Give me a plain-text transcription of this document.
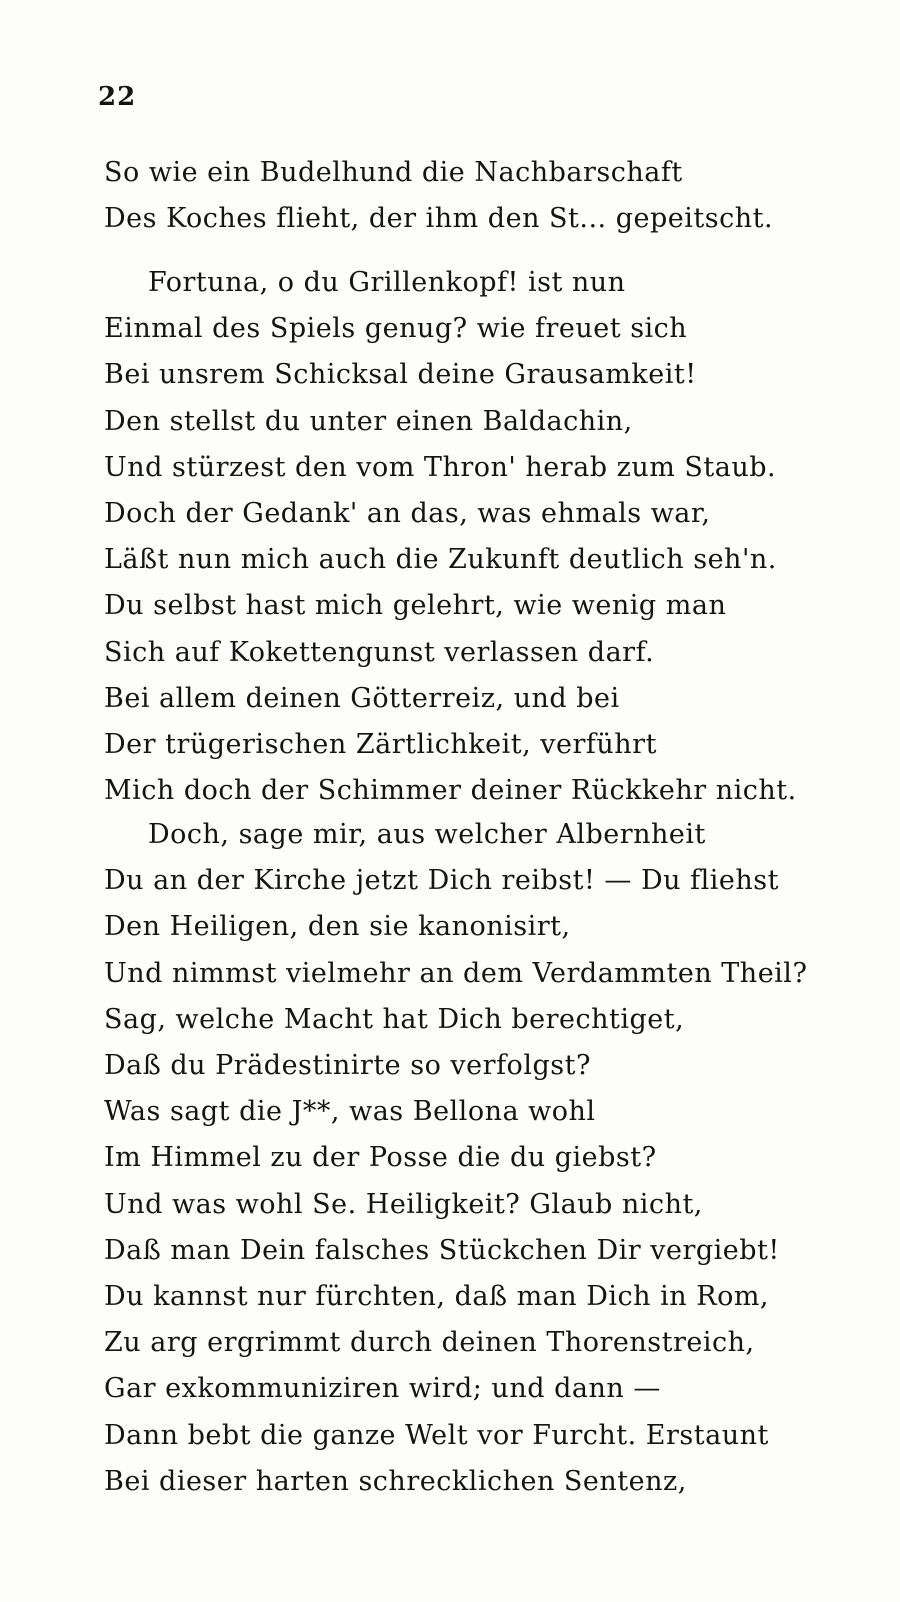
22
So wie ein Budelhund die Nachbarschaft
Des Koches flieht, der ihm den St... gepeitscht.
Fortuna, o du Grillenkopf! ist nun
Einmal des Spiels genug? wie freuet sich
Bei unsrem Schicksal deine Grausamkeit!
Den stellst du unter einen Baldachin,
Und stürzest den vom Thron' herab zum Staub.
Doch der Gedank' an das, was ehmals war,
Läßt nun mich auch die Zukunft deutlich seh'n.
Du selbst hast mich gelehrt, wie wenig man
Sich auf Kokettengunst verlassen darf.
Bei allem deinen Götterreiz, und bei
Der trügerischen Zärtlichkeit, verführt
Mich doch der Schimmer deiner Rückkehr nicht.
Doch, sage mir, aus welcher Albernheit
Du an der Kirche jetzt Dich reibst! — Du fliehst
Den Heiligen, den sie kanonisirt,
Und nimmst vielmehr an dem Verdammten Theil?
Sag, welche Macht hat Dich berechtiget,
Daß du Prädestinirte so verfolgst?
Was sagt die J**, was Bellona wohl
Im Himmel zu der Posse die du giebst?
Und was wohl Se. Heiligkeit? Glaub nicht,
Daß man Dein falsches Stückchen Dir vergiebt!
Du kannst nur fürchten, daß man Dich in Rom,
Zu arg ergrimmt durch deinen Thorenstreich,
Gar exkommuniziren wird; und dann —
Dann bebt die ganze Welt vor Furcht. Erstaunt
Bei dieser harten schrecklichen Sentenz,
